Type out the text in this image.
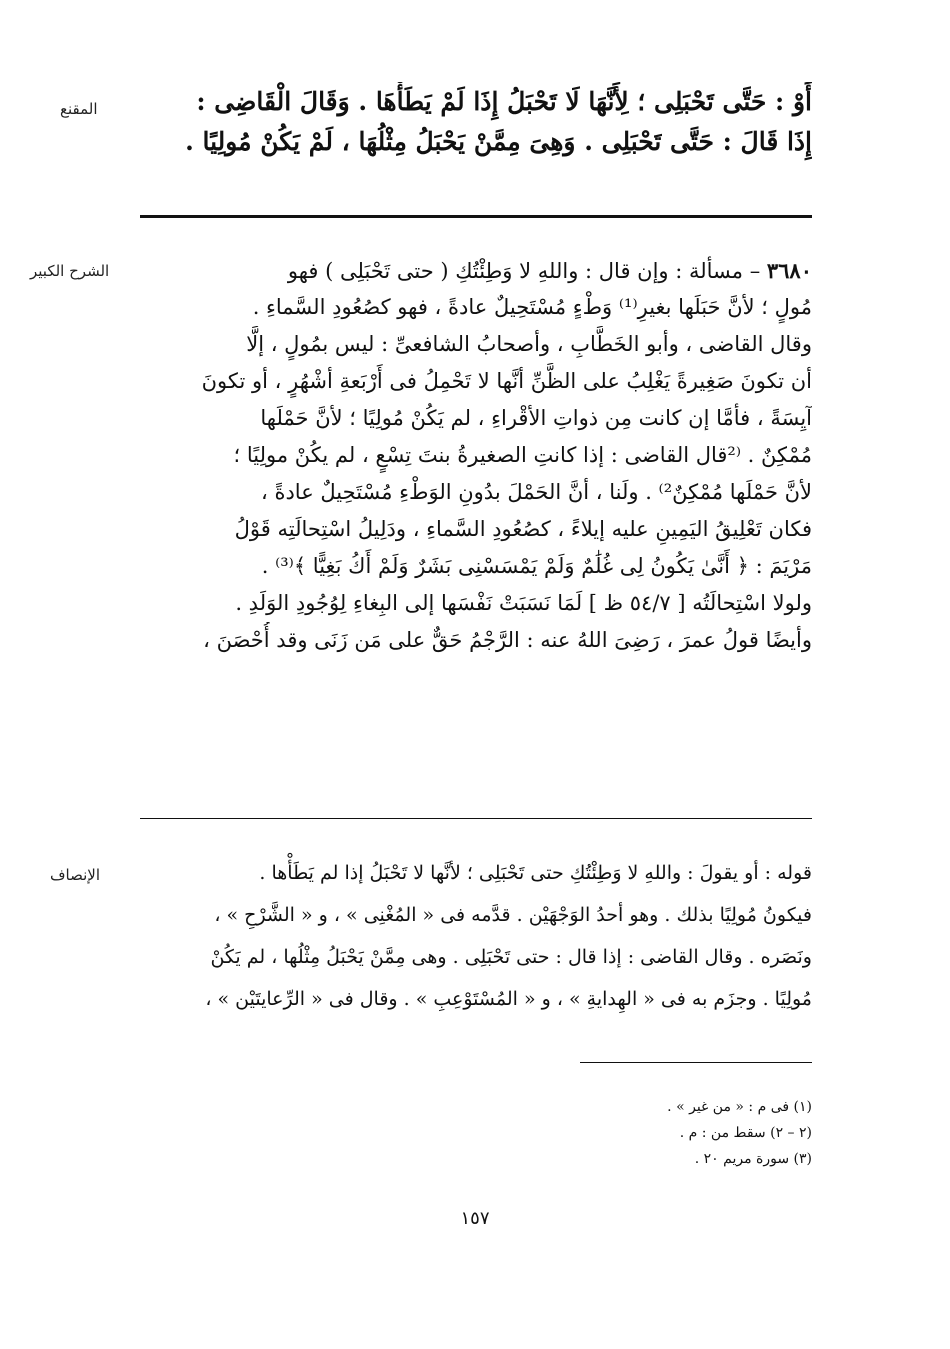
المقنع
الشرح الكبير
الإنصاف
أَوْ : حَتَّى تَحْبَلِى ؛ لِأَنَّهَا لَا تَحْبَلُ إِذَا لَمْ يَطَأْهَا . وَقَالَ الْقَاضِى :
إِذَا قَالَ : حَتَّى تَحْبَلِى . وَهِىَ مِمَّنْ يَحْبَلُ مِثْلُهَا ، لَمْ يَكُنْ مُولِيًا .
٣٦٨٠ – مسألة : وإن قال : واللهِ لا وَطِئْتُكِ ( حتى تَحْبَلِى ) فهو
مُولٍ ؛ لأنَّ حَبَلَها بغيرِ⁽¹⁾ وَطْءٍ مُسْتَحِيلٌ عادةً ، فهو كصُعُودِ السَّماءِ .
وقال القاضى ، وأبو الخَطَّابِ ، وأصحابُ الشافعىِّ : ليس بمُولٍ ، إلَّا
أن تكونَ صَغِيرةً يَغْلِبُ على الظَّنِّ أنَّها لا تَحْمِلُ فى أَرْبَعةِ أشْهُرٍ ، أو تكونَ
آيِسَةً ، فأمَّا إن كانت مِن ذواتِ الأقْراءِ ، لم يَكُنْ مُولِيًا ؛ لأنَّ حَمْلَها
مُمْكِنٌ . ⁽²قال القاضى : إذا كانتِ الصغيرةُ بنتَ تِسْعٍ ، لم يكُنْ مولِيًا ؛
لأنَّ حَمْلَها مُمْكِنٌ²⁾ . ولَنا ، أنَّ الحَمْلَ بدُونِ الوَطْءِ مُسْتَحِيلٌ عادةً ،
فكان تَعْلِيقُ اليَمِينِ عليه إيلاءً ، كصُعُودِ السَّماءِ ، ودَلِيلُ اسْتِحالَتِه قَوْلُ
مَرْيَمَ : ﴿ أَنَّىٰ يَكُونُ لِى غُلَٰمٌ وَلَمْ يَمْسَسْنِى بَشَرٌ وَلَمْ أَكُ بَغِيًّا ﴾⁽³⁾ .
ولولا اسْتِحالَتُه [ ٥٤/٧ ظ ] لَمَا نَسَبَتْ نَفْسَها إلى البِغاءِ لِوُجُودِ الوَلَدِ .
وأيضًا قولُ عمرَ ، رَضِىَ اللهُ عنه : الرَّجْمُ حَقٌّ على مَن زَنَى وقد أُحْصَنَ ،
قوله : أو يقولَ : واللهِ لا وَطِئْتُكِ حتى تَحْبَلِى ؛ لأنَّها لا تَحْبَلُ إذا لم يَطَأْها .
فيكونُ مُولِيًا بذلك . وهو أحدُ الوَجْهَيْن . قدَّمه فى « المُغْنِى » ، و « الشَّرْحِ » ،
ونَصَره . وقال القاضى : إذا قال : حتى تَحْبَلِى . وهى مِمَّنْ يَحْبَلُ مِثْلُها ، لم يَكُنْ
مُولِيًا . وجزَم به فى « الهِدايةِ » ، و « المُسْتَوْعِبِ » . وقال فى « الرِّعايتَيْن » ،
(١) فى م : « من غير » .
(٢ – ٢) سقط من : م .
(٣) سورة مريم ٢٠ .
١٥٧
